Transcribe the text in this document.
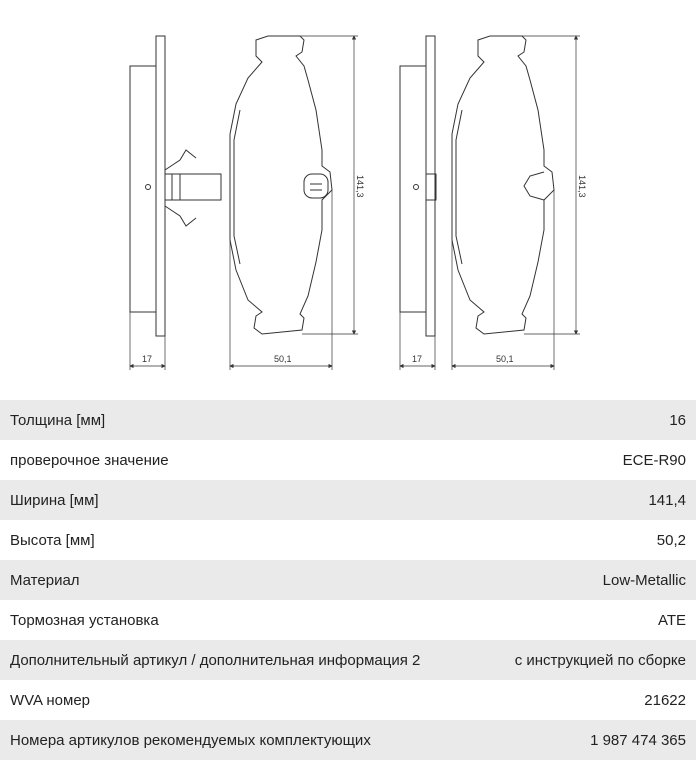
17	50,1
141,3
17	50,1
141,3
Толщина [мм]	16
проверочное значение	ECE-R90
Ширина [мм]	141,4
Высота [мм]	50,2
Материал	Low-Metallic
Тормозная установка	ATE
Дополнительный артикул / дополнительная информация 2	с инструкцией по сборке
WVA номер	21622
Номера артикулов рекомендуемых комплектующих	1 987 474 365
